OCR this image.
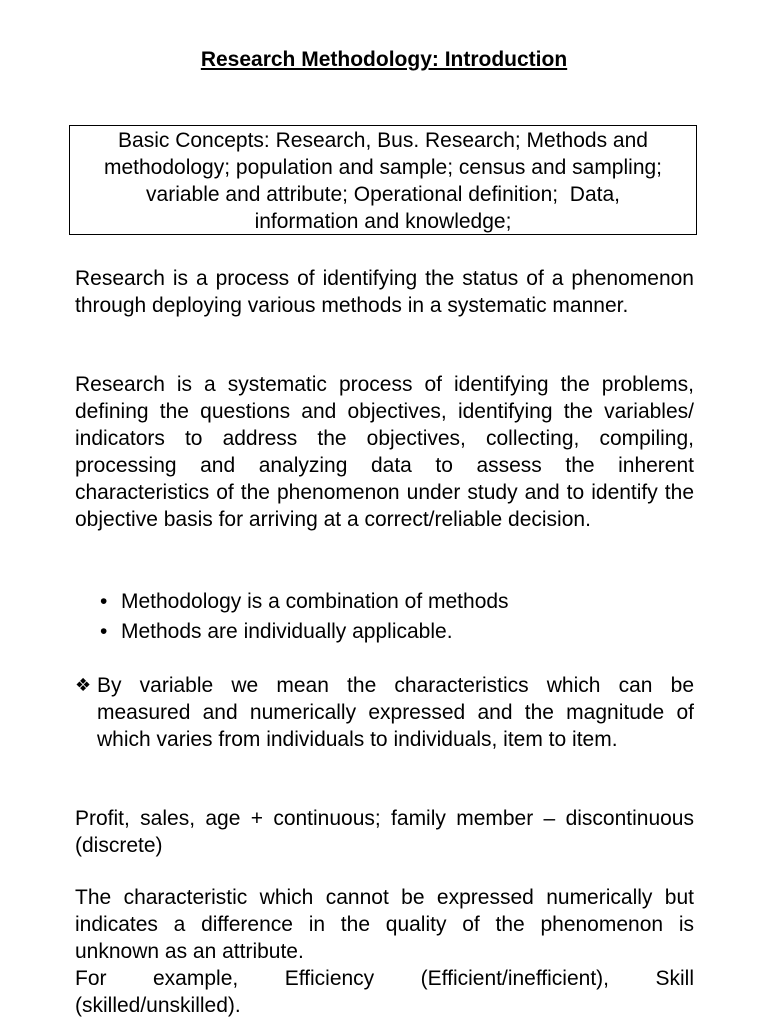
Research Methodology: Introduction
Basic Concepts: Research, Bus. Research; Methods and
methodology; population and sample; census and sampling;
variable and attribute; Operational definition;  Data,
information and knowledge;

Research is a process of identifying the status of a phenomenon through deploying various methods in a systematic manner.

Research is a systematic process of identifying the problems, defining the questions and objectives, identifying the variables/ indicators to address the objectives, collecting, compiling, processing and analyzing data to assess the inherent characteristics of the phenomenon under study and to identify the objective basis for arriving at a correct/reliable decision.

• Methodology is a combination of methods
• Methods are individually applicable.
❖ By variable we mean the characteristics which can be measured and numerically expressed and the magnitude of which varies from individuals to individuals, item to item.

Profit, sales, age + continuous; family member – discontinuous (discrete)

The characteristic which cannot be expressed numerically but indicates a difference in the quality of the phenomenon is unknown as an attribute.

For example, Efficiency (Efficient/inefficient), Skill (skilled/unskilled).
